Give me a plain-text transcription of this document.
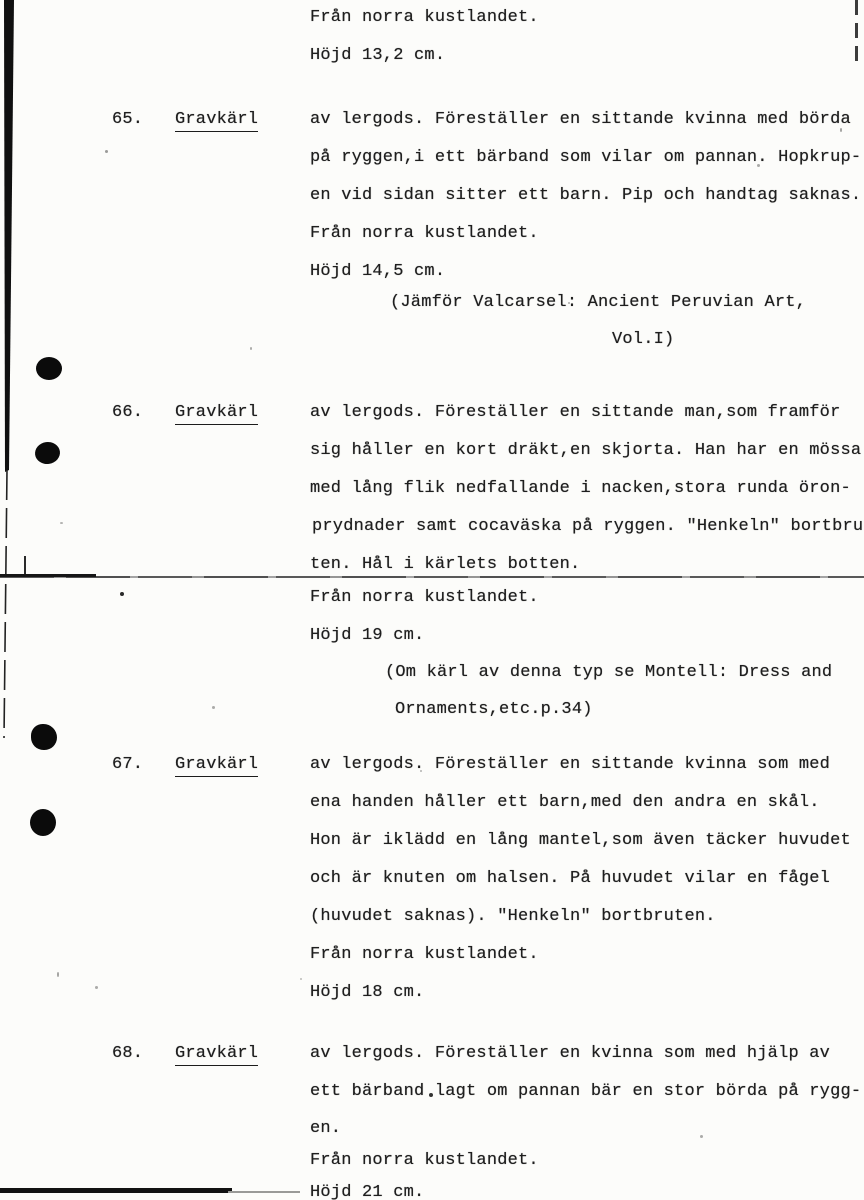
Från norra kustlandet.
Höjd 13,2 cm.
65. Gravkärl	av lergods. Föreställer en sittande kvinna med börda
på ryggen,i ett bärband som vilar om pannan. Hopkrup-
en vid sidan sitter ett barn. Pip och handtag saknas.
Från norra kustlandet.
Höjd 14,5 cm.
(Jämför Valcarsel: Ancient Peruvian Art,
Vol.I)
66. Gravkärl	av lergods. Föreställer en sittande man,som framför
sig håller en kort dräkt,en skjorta. Han har en mössa
med lång flik nedfallande i nacken,stora runda öron-
prydnader samt cocaväska på ryggen. "Henkeln" bortbru
ten. Hål i kärlets botten.
Från norra kustlandet.
Höjd 19 cm.
(Om kärl av denna typ se Montell: Dress and
Ornaments,etc.p.34)
67. Gravkärl	av lergods. Föreställer en sittande kvinna som med
ena handen håller ett barn,med den andra en skål.
Hon är iklädd en lång mantel,som även täcker huvudet
och är knuten om halsen. På huvudet vilar en fågel
(huvudet saknas). "Henkeln" bortbruten.
Från norra kustlandet.
Höjd 18 cm.
68. Gravkärl	av lergods. Föreställer en kvinna som med hjälp av
ett bärband lagt om pannan bär en stor börda på rygg-
en.
Från norra kustlandet.
Höjd 21 cm.
